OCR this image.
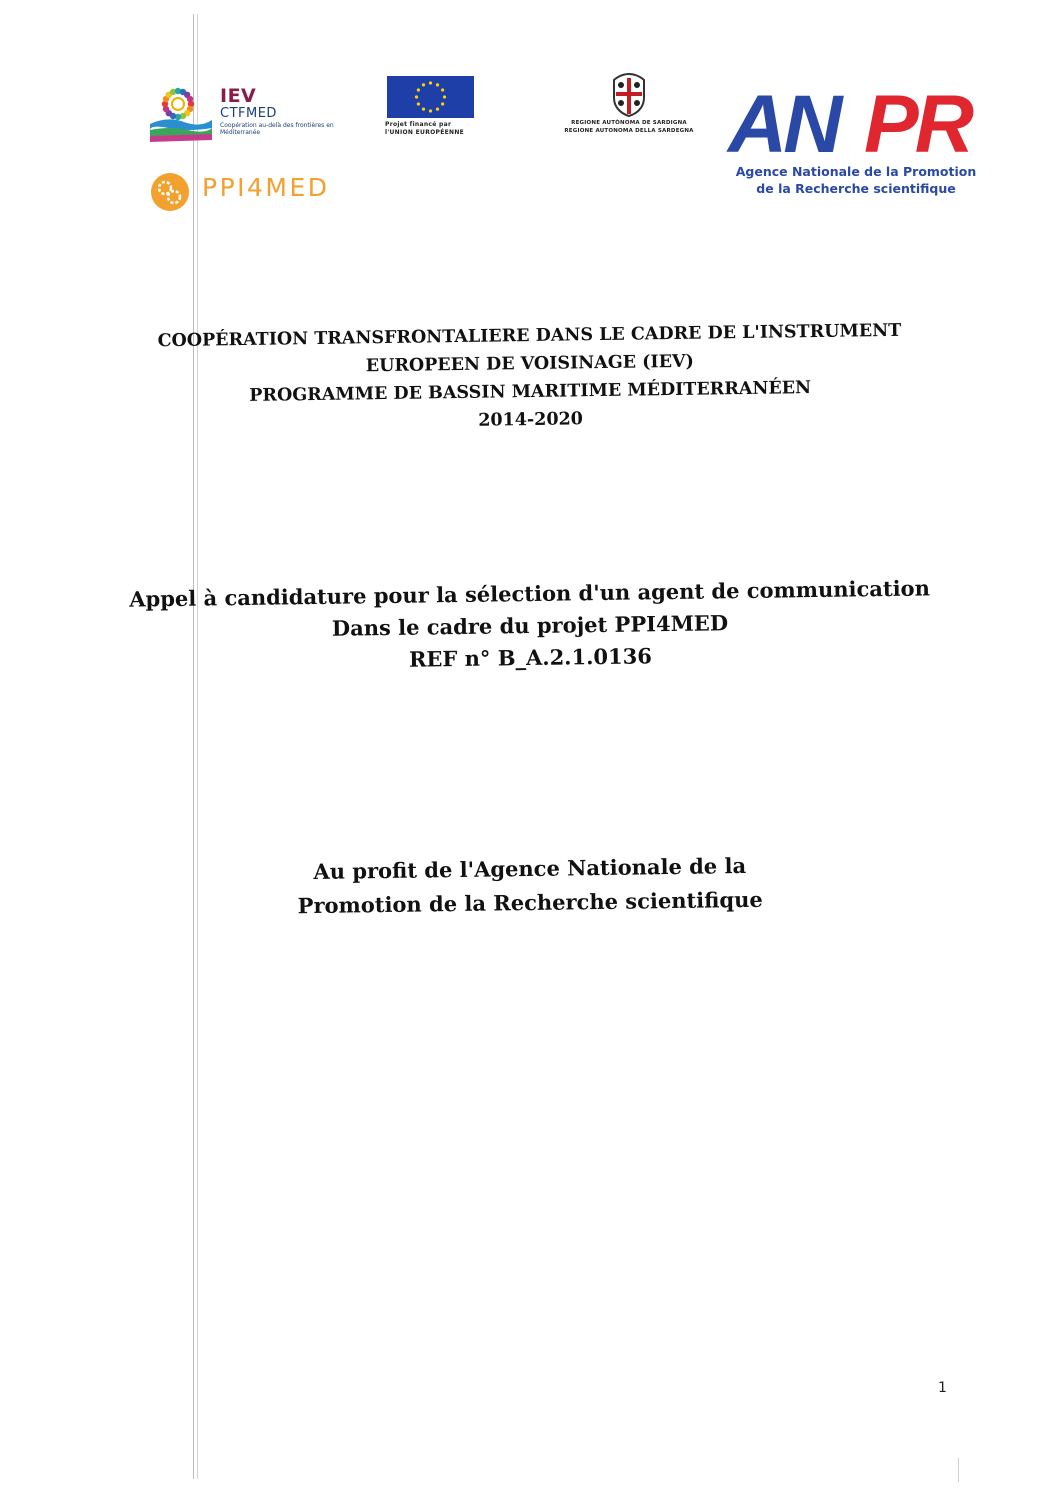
IEV
CTFMED
Coopération au-delà des frontières en Méditerranée
Projet financé par
l'UNION EUROPÉENNE
REGIONE AUTÒNOMA DE SARDIGNA
REGIONE AUTONOMA DELLA SARDEGNA AN PR
Agence Nationale de la Promotion
de la Recherche scientifique
PPI4MED
COOPÉRATION TRANSFRONTALIERE DANS LE CADRE DE L'INSTRUMENT
EUROPEEN DE VOISINAGE (IEV)
PROGRAMME DE BASSIN MARITIME MÉDITERRANÉEN
2014-2020
Appel à candidature pour la sélection d'un agent de communication
Dans le cadre du projet PPI4MED
REF n° B_A.2.1.0136
Au profit de l'Agence Nationale de la
Promotion de la Recherche scientifique
1
